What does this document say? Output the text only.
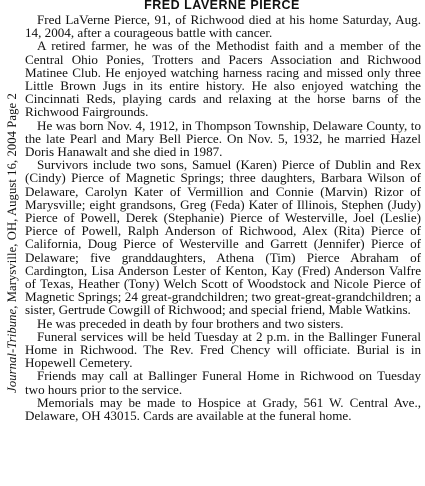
Journal-Tribune, Marysville, OH, August 16, 2004 Page 2
FRED LAVERNE PIERCE

Fred LaVerne Pierce, 91, of Richwood died at his home Saturday, Aug. 14, 2004, after a courageous battle with cancer.

A retired farmer, he was of the Methodist faith and a member of the Central Ohio Ponies, Trotters and Pacers Association and Richwood Matinee Club. He enjoyed watching harness racing and missed only three Little Brown Jugs in its entire history. He also enjoyed watching the Cincinnati Reds, playing cards and relaxing at the horse barns of the Richwood Fairgrounds.

He was born Nov. 4, 1912, in Thompson Township, Delaware County, to the late Pearl and Mary Bell Pierce. On Nov. 5, 1932, he married Hazel Doris Hanawalt and she died in 1987.

Survivors include two sons, Samuel (Karen) Pierce of Dublin and Rex (Cindy) Pierce of Magnetic Springs; three daughters, Barbara Wilson of Delaware, Carolyn Kater of Vermillion and Connie (Marvin) Rizor of Marysville; eight grandsons, Greg (Feda) Kater of Illinois, Stephen (Judy) Pierce of Powell, Derek (Stephanie) Pierce of Westerville, Joel (Leslie) Pierce of Powell, Ralph Anderson of Richwood, Alex (Rita) Pierce of California, Doug Pierce of Westerville and Garrett (Jennifer) Pierce of Delaware; five granddaughters, Athena (Tim) Pierce Abraham of Cardington, Lisa Anderson Lester of Kenton, Kay (Fred) Anderson Valfre of Texas, Heather (Tony) Welch Scott of Woodstock and Nicole Pierce of Magnetic Springs; 24 great-grandchildren; two great-great-grandchildren; a sister, Gertrude Cowgill of Richwood; and special friend, Mable Watkins.

He was preceded in death by four brothers and two sisters.

Funeral services will be held Tuesday at 2 p.m. in the Ballinger Funeral Home in Richwood. The Rev. Fred Chency will officiate. Burial is in Hopewell Cemetery.

Friends may call at Ballinger Funeral Home in Richwood on Tuesday two hours prior to the service.

Memorials may be made to Hospice at Grady, 561 W. Central Ave., Delaware, OH 43015. Cards are available at the funeral home.
